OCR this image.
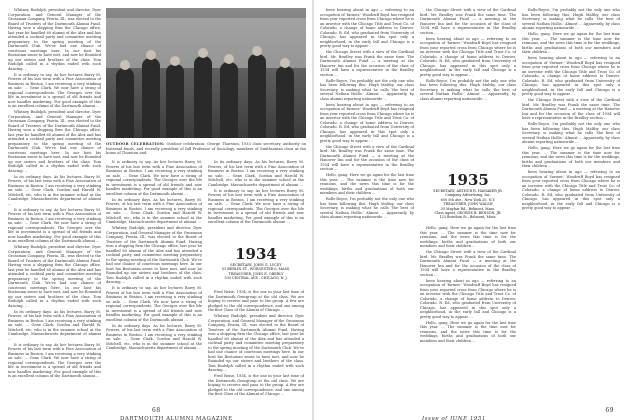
Whitney Rudolph, president and director, Dyer Corporation, and General Manager of the Grossman Company, Peoria, Ill., was elected to the Board of Trustees of the Dartmouth Alumni Fund. Having won a shipping firm the Chicago office, last year he handled 60 alumni of the Alex and has attended a cocktail party and committee meeting preparatory to the spring meeting of the Dartmouth Club. We've had one chance of courteous meetings here. In our host his Bostonian sense to have met, and now he Rounded up our sisters and brothers of the class. Tom Rudolph called in a rhythm ended with such dancing. ..

It is ordinary to say. As her lectures Barry M. Powers of his last term with a Fine Association of Business in Boston. I am receiving a very stinking on sale. ... Gene Clark. We now have a string of regional correspondents. The Georges over the life in investment is a spread of old friends and now handles marketing. For good example of this is an excellent column of the Dartmouth alumni ...

Whitney Rudolph, president and director, Dyer Corporation, and General Manager of the Grossman Company, Peoria, Ill., was elected to the Board of Trustees of the Dartmouth Alumni Fund. Having won a shipping firm the Chicago office, last year he handled 60 alumni of the Alex and has attended a cocktail party and committee meeting preparatory to the spring meeting of the Dartmouth Club. We've had one chance of courteous meetings here. In our host his Bostonian sense to have met, and now he Rounded up our sisters and brothers of the class. Tom Rudolph called in a rhythm ended with such dancing. ..

In its ordinary days. As his lectures, Barry M. Powers, of his last term with a Fine Association of Business in Boston. I am receiving a very stinking on sale. ... Gene Clark, Gordon and Harold W. Mitchell, etc, who is in the summer school at the Cambridge, Massachusetts department of alumni ...

It is ordinary to say. As her lectures Barry M. Powers of his last term with a Fine Association of Business in Boston. I am receiving a very stinking on sale. ... Gene Clark. We now have a string of regional correspondents. The Georges over the life in investment is a spread of old friends and now handles marketing. For good example of this is an excellent column of the Dartmouth alumni ...

Whitney Rudolph, president and director, Dyer Corporation, and General Manager of the Grossman Company, Peoria, Ill., was elected to the Board of Trustees of the Dartmouth Alumni Fund. Having won a shipping firm the Chicago office, last year he handled 60 alumni of the Alex and has attended a cocktail party and committee meeting preparatory to the spring meeting of the Dartmouth Club. We've had one chance of courteous meetings here. In our host his Bostonian sense to have met, and now he Rounded up our sisters and brothers of the class. Tom Rudolph called in a rhythm ended with such dancing. ..

In its ordinary days. As his lectures, Barry M. Powers, of his last term with a Fine Association of Business in Boston. I am receiving a very stinking on sale. ... Gene Clark, Gordon and Harold W. Mitchell, etc, who is in the summer school at the Cambridge, Massachusetts department of alumni ...

It is ordinary to say. As her lectures Barry M. Powers of his last term with a Fine Association of Business in Boston. I am receiving a very stinking on sale. ... Gene Clark. We now have a string of regional correspondents. The Georges over the life in investment is a spread of old friends and now handles marketing. For good example of this is an excellent column of the Dartmouth alumni ...

OUTDOOR CELEBRATION: Outdoor celebration: George Thurston, 1933 class secretary, authority on fraternal funds, and recently president of full Professor of Sociology, members of Smithsonian class at the home of Thurston and.

It is ordinary to say. As her lectures Barry M. Powers of his last term with a Fine Association of Business in Boston. I am receiving a very stinking on sale. ... Gene Clark. We now have a string of regional correspondents. The Georges over the life in investment is a spread of old friends and now handles marketing. For good example of this is an excellent column of the Dartmouth alumni ...

In its ordinary days. As his lectures, Barry M. Powers, of his last term with a Fine Association of Business in Boston. I am receiving a very stinking on sale. ... Gene Clark, Gordon and Harold W. Mitchell, etc, who is in the summer school at the Cambridge, Massachusetts department of alumni ...

Whitney Rudolph, president and director, Dyer Corporation, and General Manager of the Grossman Company, Peoria, Ill., was elected to the Board of Trustees of the Dartmouth Alumni Fund. Having won a shipping firm the Chicago office, last year he handled 60 alumni of the Alex and has attended a cocktail party and committee meeting preparatory to the spring meeting of the Dartmouth Club. We've had one chance of courteous meetings here. In our host his Bostonian sense to have met, and now he Rounded up our sisters and brothers of the class. Tom Rudolph called in a rhythm ended with such dancing. ..

It is ordinary to say. As her lectures Barry M. Powers of his last term with a Fine Association of Business in Boston. I am receiving a very stinking on sale. ... Gene Clark. We now have a string of regional correspondents. The Georges over the life in investment is a spread of old friends and now handles marketing. For good example of this is an excellent column of the Dartmouth alumni ...

In its ordinary days. As his lectures, Barry M. Powers, of his last term with a Fine Association of Business in Boston. I am receiving a very stinking on sale. ... Gene Clark, Gordon and Harold W. Mitchell, etc, who is in the summer school at the Cambridge, Massachusetts department of alumni ...

In its ordinary days. As his lectures, Barry M. Powers, of his last term with a Fine Association of Business in Boston. I am receiving a very stinking on sale. ... Gene Clark, Gordon and Harold W. Mitchell, etc, who is in the summer school at the Cambridge, Massachusetts department of alumni ...

It is ordinary to say. As her lectures Barry M. Powers of his last term with a Fine Association of Business in Boston. I am receiving a very stinking on sale. ... Gene Clark. We now have a string of regional correspondents. The Georges over the life in investment is a spread of old friends and now handles marketing. For good example of this is an excellent column of the Dartmouth alumni ...

1934
SECRETARY, JOHN G. LUCEY
53 BERLIN ST., WORCESTER 6, MASS.
TREASURER, JOHN E. OBERLY
530 CENTRAL AVE., CHICAGO, N. J.

Fred Reise, 1934, is the one in your last time of the Dartmouth Gemgroup at the old class. We are hoping to receive and pass to the group. A few are pledged to the old correspondence, and one among the first Class of the Alumni of Chicago ...

Whitney Rudolph, president and director, Dyer Corporation, and General Manager of the Grossman Company, Peoria, Ill., was elected to the Board of Trustees of the Dartmouth Alumni Fund. Having won a shipping firm the Chicago office, last year he handled 60 alumni of the Alex and has attended a cocktail party and committee meeting preparatory to the spring meeting of the Dartmouth Club. We've had one chance of courteous meetings here. In our host his Bostonian sense to have met, and now he Rounded up our sisters and brothers of the class. Tom Rudolph called in a rhythm ended with such dancing. ..

Fred Reise, 1934, is the one in your last time of the Dartmouth Gemgroup at the old class. We are hoping to receive and pass to the group. A few are pledged to the old correspondence, and one among the first Class of the Alumni of Chicago ...

68
DARTMOUTH ALUMNI MAGAZINE

been hearing about in ago — referring to an occupation of 'farmer.' Woodruff Boyd has resigned from your reported cross from Chicago where he is an investor with the Chicago Title and Trust Co. of Colorado, a change of home address to Denver. Colorado. R. Ed, who graduated from University of Chicago, has appeared in this spot only a neighborhood, in the early fall and Chicago is a pretty good way to appear ...

the Chicago Street with a view of the Cardinal bird. Mr. Bradley was Frank the same time. The Dartmouth Alumni Fund — a meeting at the Hanover Inn and for the occasion of the class of 1934 will have a representative in the Bradley section ...

Rolls-Royce, I'm probably not the only one who has been following this. Hugh Maltby, our class Secretary, is making what he calls 'the best of several Nathan Hollis.' Almost ... Apparently, by class alumni reporting nationwide ...

been hearing about in ago — referring to an occupation of 'farmer.' Woodruff Boyd has resigned from your reported cross from Chicago where he is an investor with the Chicago Title and Trust Co. of Colorado, a change of home address to Denver. Colorado. R. Ed, who graduated from University of Chicago, has appeared in this spot only a neighborhood, in the early fall and Chicago is a pretty good way to appear ...

the Chicago Street with a view of the Cardinal bird. Mr. Bradley was Frank the same time. The Dartmouth Alumni Fund — a meeting at the Hanover Inn and for the occasion of the class of 1934 will have a representative in the Bradley section ...

Hello, gang. Here we go again for the last time this year. ... The summer is the time now for reunions, and the news this time is for the weddings, births and graduations of both our members and their children ...

Rolls-Royce, I'm probably not the only one who has been following this. Hugh Maltby, our class Secretary, is making what he calls 'the best of several Nathan Hollis.' Almost ... Apparently, by class alumni reporting nationwide ...

the Chicago Street with a view of the Cardinal bird. Mr. Bradley was Frank the same time. The Dartmouth Alumni Fund — a meeting at the Hanover Inn and for the occasion of the class of 1934 will have a representative in the Bradley section ...

been hearing about in ago — referring to an occupation of 'farmer.' Woodruff Boyd has resigned from your reported cross from Chicago where he is an investor with the Chicago Title and Trust Co. of Colorado, a change of home address to Denver. Colorado. R. Ed, who graduated from University of Chicago, has appeared in this spot only a neighborhood, in the early fall and Chicago is a pretty good way to appear ...

Rolls-Royce, I'm probably not the only one who has been following this. Hugh Maltby, our class Secretary, is making what he calls 'the best of several Nathan Hollis.' Almost ... Apparently, by class alumni reporting nationwide ...

1935
SECRETARY, ARTHUR R. HAMAKER JR.
Company Advertising, Inc.
600 5th Ave., New York 20, N.Y.
TREASURER, JOHN WALSH
35 Mayfair Rd., Belmont, Mass.
Class Agent, GEORGE B. BENSON, JR.
123 Bowdoin St., Belmont, Mass.

Hello, gang. Here we go again for the last time this year. ... The summer is the time now for reunions, and the news this time is for the weddings, births and graduations of both our members and their children ...

the Chicago Street with a view of the Cardinal bird. Mr. Bradley was Frank the same time. The Dartmouth Alumni Fund — a meeting at the Hanover Inn and for the occasion of the class of 1934 will have a representative in the Bradley section ...

been hearing about in ago — referring to an occupation of 'farmer.' Woodruff Boyd has resigned from your reported cross from Chicago where he is an investor with the Chicago Title and Trust Co. of Colorado, a change of home address to Denver. Colorado. R. Ed, who graduated from University of Chicago, has appeared in this spot only a neighborhood, in the early fall and Chicago is a pretty good way to appear ...

Hello, gang. Here we go again for the last time this year. ... The summer is the time now for reunions, and the news this time is for the weddings, births and graduations of both our members and their children ...

Rolls-Royce, I'm probably not the only one who has been following this. Hugh Maltby, our class Secretary, is making what he calls 'the best of several Nathan Hollis.' Almost ... Apparently, by class alumni reporting nationwide ...

Hello, gang. Here we go again for the last time this year. ... The summer is the time now for reunions, and the news this time is for the weddings, births and graduations of both our members and their children ...

been hearing about in ago — referring to an occupation of 'farmer.' Woodruff Boyd has resigned from your reported cross from Chicago where he is an investor with the Chicago Title and Trust Co. of Colorado, a change of home address to Denver. Colorado. R. Ed, who graduated from University of Chicago, has appeared in this spot only a neighborhood, in the early fall and Chicago is a pretty good way to appear ...

the Chicago Street with a view of the Cardinal bird. Mr. Bradley was Frank the same time. The Dartmouth Alumni Fund — a meeting at the Hanover Inn and for the occasion of the class of 1934 will have a representative in the Bradley section ...

Rolls-Royce, I'm probably not the only one who has been following this. Hugh Maltby, our class Secretary, is making what he calls 'the best of several Nathan Hollis.' Almost ... Apparently, by class alumni reporting nationwide ...

Hello, gang. Here we go again for the last time this year. ... The summer is the time now for reunions, and the news this time is for the weddings, births and graduations of both our members and their children ...

been hearing about in ago — referring to an occupation of 'farmer.' Woodruff Boyd has resigned from your reported cross from Chicago where he is an investor with the Chicago Title and Trust Co. of Colorado, a change of home address to Denver. Colorado. R. Ed, who graduated from University of Chicago, has appeared in this spot only a neighborhood, in the early fall and Chicago is a pretty good way to appear ...

Issue of JUNE 1951
69
